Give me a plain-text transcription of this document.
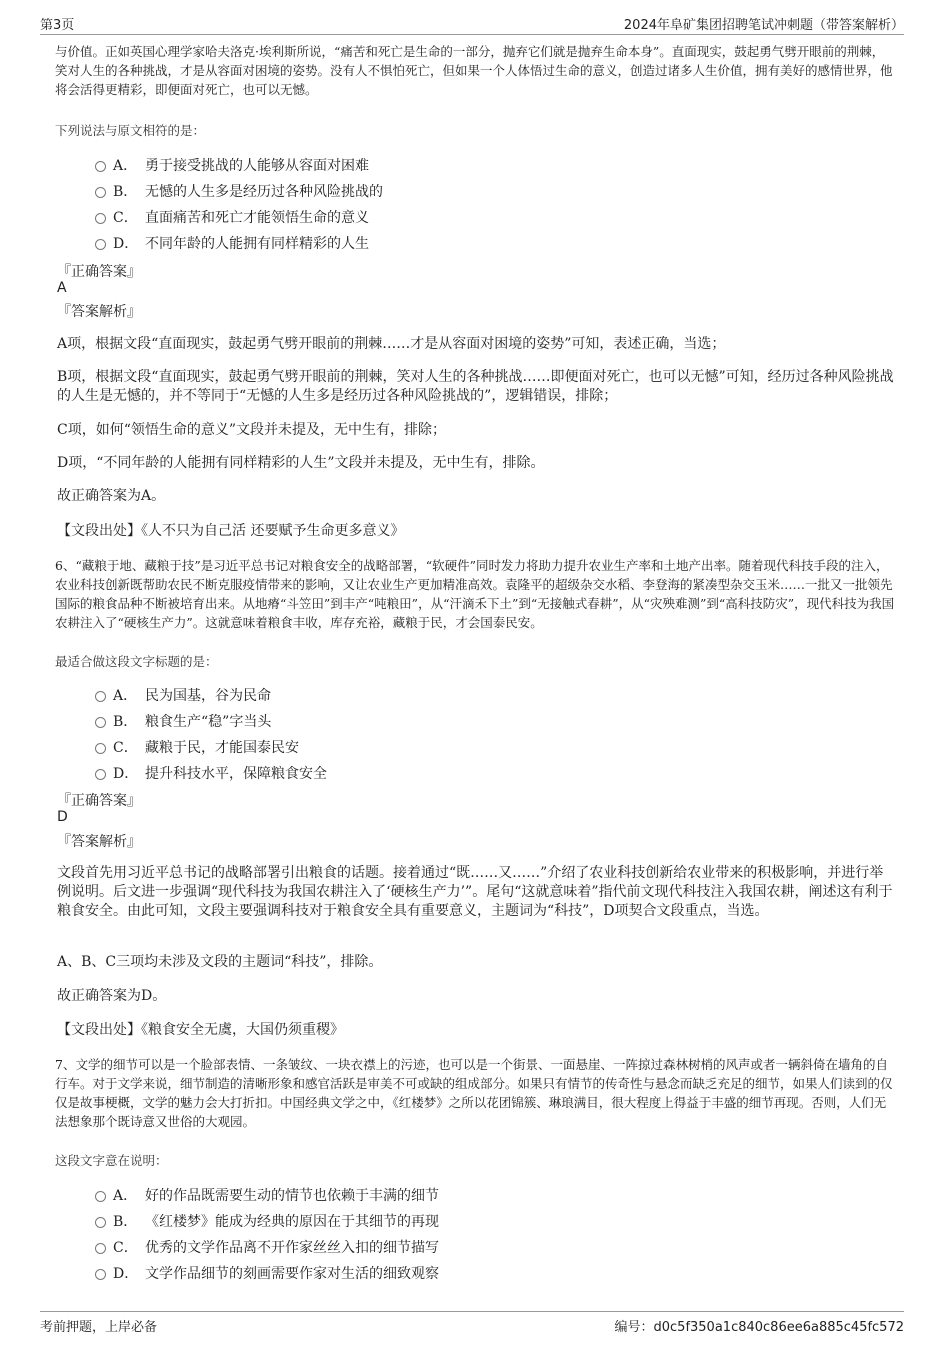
第3页	2024年阜矿集团招聘笔试冲刺题（带答案解析）
与价值。正如英国心理学家哈夫洛克·埃利斯所说，“痛苦和死亡是生命的一部分，抛弃它们就是抛弃生命本身”。直面现实，鼓起勇气劈开眼前的荆棘，笑对人生的各种挑战，才是从容面对困境的姿势。没有人不惧怕死亡，但如果一个人体悟过生命的意义，创造过诸多人生价值，拥有美好的感情世界，他将会活得更精彩，即便面对死亡，也可以无憾。
下列说法与原文相符的是：
A． 勇于接受挑战的人能够从容面对困难
B． 无憾的人生多是经历过各种风险挑战的
C． 直面痛苦和死亡才能领悟生命的意义
D． 不同年龄的人能拥有同样精彩的人生
『正确答案』
A
『答案解析』
A项，根据文段“直面现实，鼓起勇气劈开眼前的荆棘……才是从容面对困境的姿势”可知，表述正确，当选；
B项，根据文段“直面现实，鼓起勇气劈开眼前的荆棘，笑对人生的各种挑战……即便面对死亡，也可以无憾”可知，经历过各种风险挑战的人生是无憾的，并不等同于“无憾的人生多是经历过各种风险挑战的”，逻辑错误，排除；
C项，如何“领悟生命的意义”文段并未提及，无中生有，排除；
D项，“不同年龄的人能拥有同样精彩的人生”文段并未提及，无中生有，排除。
故正确答案为A。
【文段出处】《人不只为自己活 还要赋予生命更多意义》
6、“藏粮于地、藏粮于技”是习近平总书记对粮食安全的战略部署，“软硬件”同时发力将助力提升农业生产率和土地产出率。随着现代科技手段的注入，农业科技创新既帮助农民不断克服疫情带来的影响，又让农业生产更加精准高效。袁隆平的超级杂交水稻、李登海的紧凑型杂交玉米……一批又一批领先国际的粮食品种不断被培育出来。从地瘠“斗笠田”到丰产“吨粮田”，从“汗滴禾下土”到“无接触式春耕”，从“灾殃难测”到“高科技防灾”，现代科技为我国农耕注入了“硬核生产力”。这就意味着粮食丰收，库存充裕，藏粮于民，才会国泰民安。
最适合做这段文字标题的是：
A． 民为国基，谷为民命
B． 粮食生产“稳”字当头
C． 藏粮于民，才能国泰民安
D． 提升科技水平，保障粮食安全
『正确答案』
D
『答案解析』
文段首先用习近平总书记的战略部署引出粮食的话题。接着通过“既……又……”介绍了农业科技创新给农业带来的积极影响，并进行举例说明。后文进一步强调“现代科技为我国农耕注入了‘硬核生产力’”。尾句“这就意味着”指代前文现代科技注入我国农耕，阐述这有利于粮食安全。由此可知，文段主要强调科技对于粮食安全具有重要意义，主题词为“科技”，D项契合文段重点，当选。
A、B、C三项均未涉及文段的主题词“科技”，排除。
故正确答案为D。
【文段出处】《粮食安全无虞，大国仍须重稷》
7、文学的细节可以是一个脸部表情、一条皱纹、一块衣襟上的污迹，也可以是一个街景、一面悬崖、一阵掠过森林树梢的风声或者一辆斜倚在墙角的自行车。对于文学来说，细节制造的清晰形象和感官活跃是审美不可或缺的组成部分。如果只有情节的传奇性与悬念而缺乏充足的细节，如果人们读到的仅仅是故事梗概，文学的魅力会大打折扣。中国经典文学之中，《红楼梦》之所以花团锦簇、琳琅满目，很大程度上得益于丰盛的细节再现。否则，人们无法想象那个既诗意又世俗的大观园。
这段文字意在说明：
A． 好的作品既需要生动的情节也依赖于丰满的细节
B． 《红楼梦》能成为经典的原因在于其细节的再现
C． 优秀的文学作品离不开作家丝丝入扣的细节描写
D． 文学作品细节的刻画需要作家对生活的细致观察
考前押题，上岸必备	编号：d0c5f350a1c840c86ee6a885c45fc572
